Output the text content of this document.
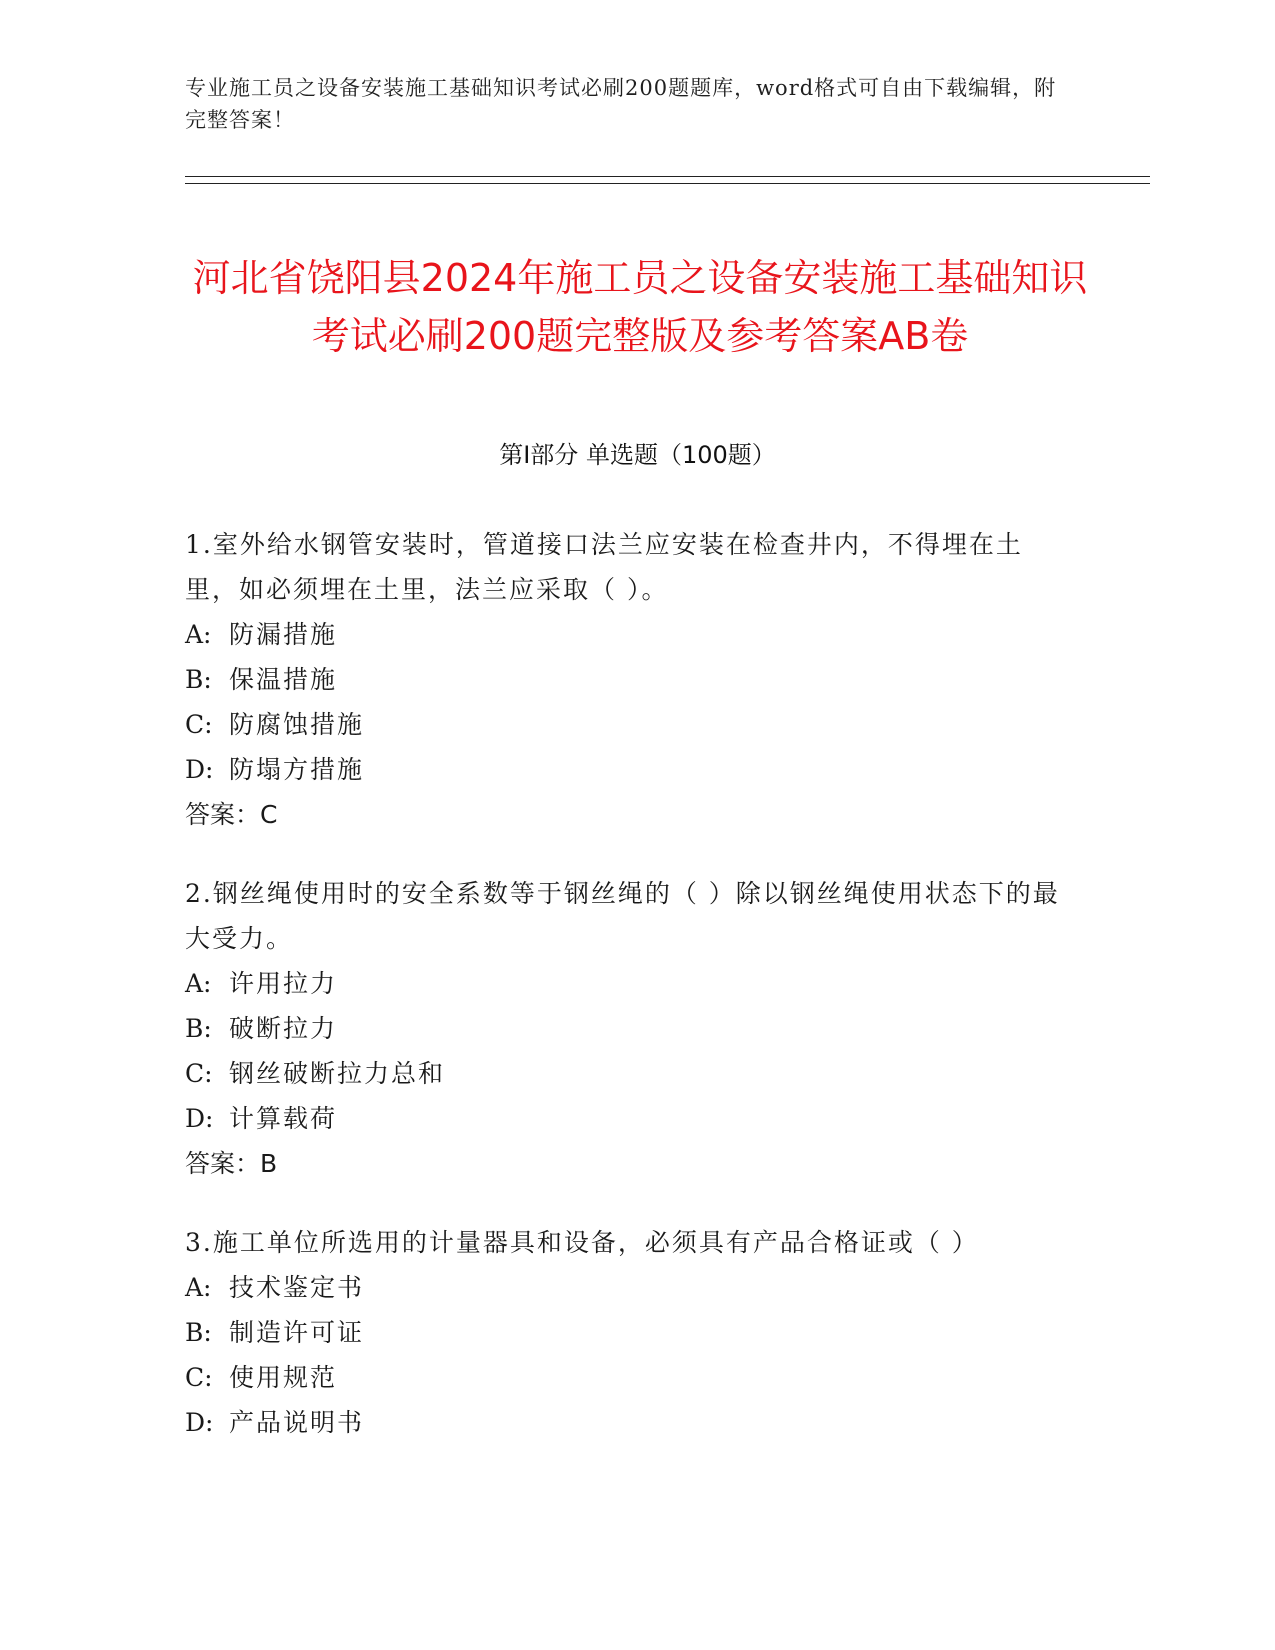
专业施工员之设备安装施工基础知识考试必刷200题题库，word格式可自由下载编辑，附完整答案！
河北省饶阳县2024年施工员之设备安装施工基础知识考试必刷200题完整版及参考答案AB卷
第Ⅰ部分 单选题（100题）
1.室外给水钢管安装时，管道接口法兰应安装在检查井内，不得埋在土里，如必须埋在土里，法兰应采取（ ）。
A: 防漏措施
B: 保温措施
C: 防腐蚀措施
D: 防塌方措施
答案：C
2.钢丝绳使用时的安全系数等于钢丝绳的（ ）除以钢丝绳使用状态下的最大受力。
A: 许用拉力
B: 破断拉力
C: 钢丝破断拉力总和
D: 计算载荷
答案：B
3.施工单位所选用的计量器具和设备，必须具有产品合格证或（ ）
A: 技术鉴定书
B: 制造许可证
C: 使用规范
D: 产品说明书
